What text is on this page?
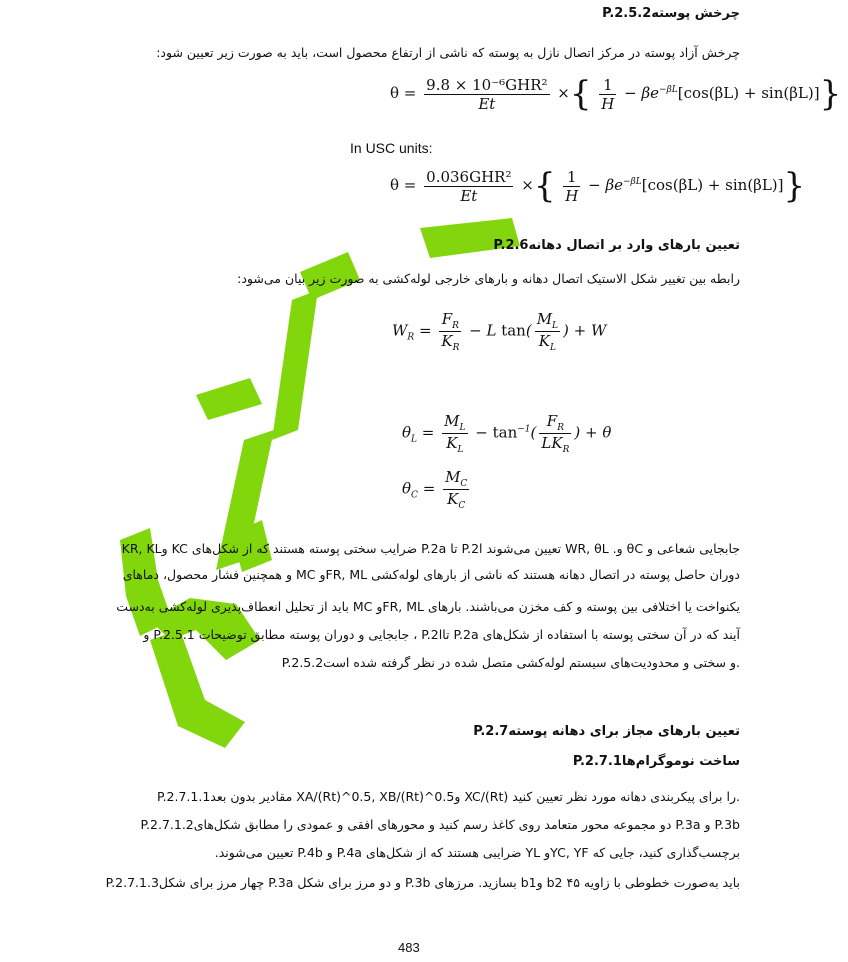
P.2.5.2چرخش پوسته
چرخش آزاد پوسته در مرکز اتصال نازل به پوسته که ناشی از ارتفاع محصول است، باید به صورت زیر تعیین شود:
$\theta = \frac{\text{9.8 × 10⁻⁶GHR²}}{Et}$ ×{ $\frac{1}{H} - \beta e^{-\beta L}[\cos(\beta L) + \sin(\beta L)]$}
In USC units:
$\theta = \frac{\text{0.036GHR²}}{Et}$ ×{ $\frac{1}{H} - \beta e^{-\beta L}[\cos(\beta L) + \sin(\beta L)]$}
P.2.6تعیین بارهای وارد بر اتصال دهانه
رابطه بین تغییر شکل الاستیک اتصال دهانه و بارهای خارجی لوله‌کشی به صورت زیر بیان می‌شود:
$W_R = \frac{F_R}{K_R} - L$ $\tan( \frac{M_L}{K_L}$ ) + W
$\theta_L = \frac{M_L}{K_L} - \tan^{-1}( \frac{F_R}{LK_R}$ ) + θ
$\theta_C = \frac{M_C}{K_C}$
KR, KLو KC ضرایب سختی پوسته هستند که از شکل‌های P.2a تا P.2l تعیین می‌شوند WR, θL .و θC جابجایی شعاعی و
دوران حاصل پوسته در اتصال دهانه هستند که ناشی از بارهای لوله‌کشی FR, MLو MC و همچنین فشار محصول، دماهای
یکنواخت یا اختلافی بین پوسته و کف مخزن می‌باشند. بارهای FR, MLو MC باید از تحلیل انعطاف‌پذیری لوله‌کشی به‌دست
آیند که در آن سختی پوسته با استفاده از شکل‌های P.2a تاP.2l ، جابجایی و دوران پوسته مطابق توضیحات P.2.5.1 و
P.2.5.2و سختی و محدودیت‌های سیستم لوله‌کشی متصل شده در نظر گرفته شده است.
P.2.7تعیین بارهای مجاز برای دهانه پوسته
P.2.7.1ساخت نوموگرام‌ها
P.2.7.1.1مقادیر بدون بعد XA/(Rt)^0.5, XB/(Rt)^0.5و XC/(Rt) را برای پیکربندی دهانه مورد نظر تعیین کنید.
P.2.7.1.2دو مجموعه محور متعامد روی کاغذ رسم کنید و محورهای افقی و عمودی را مطابق شکل‌های P.3a و P.3b
برچسب‌گذاری کنید، جایی که YC, YFو YL ضرایبی هستند که از شکل‌های P.4a و P.4b تعیین می‌شوند.
P.2.7.1.3چهار مرز برای شکل P.3a و دو مرز برای شکل P.3b بسازید. مرزهای b1و b2 باید به‌صورت خطوطی با زاویه ۴۵
483
